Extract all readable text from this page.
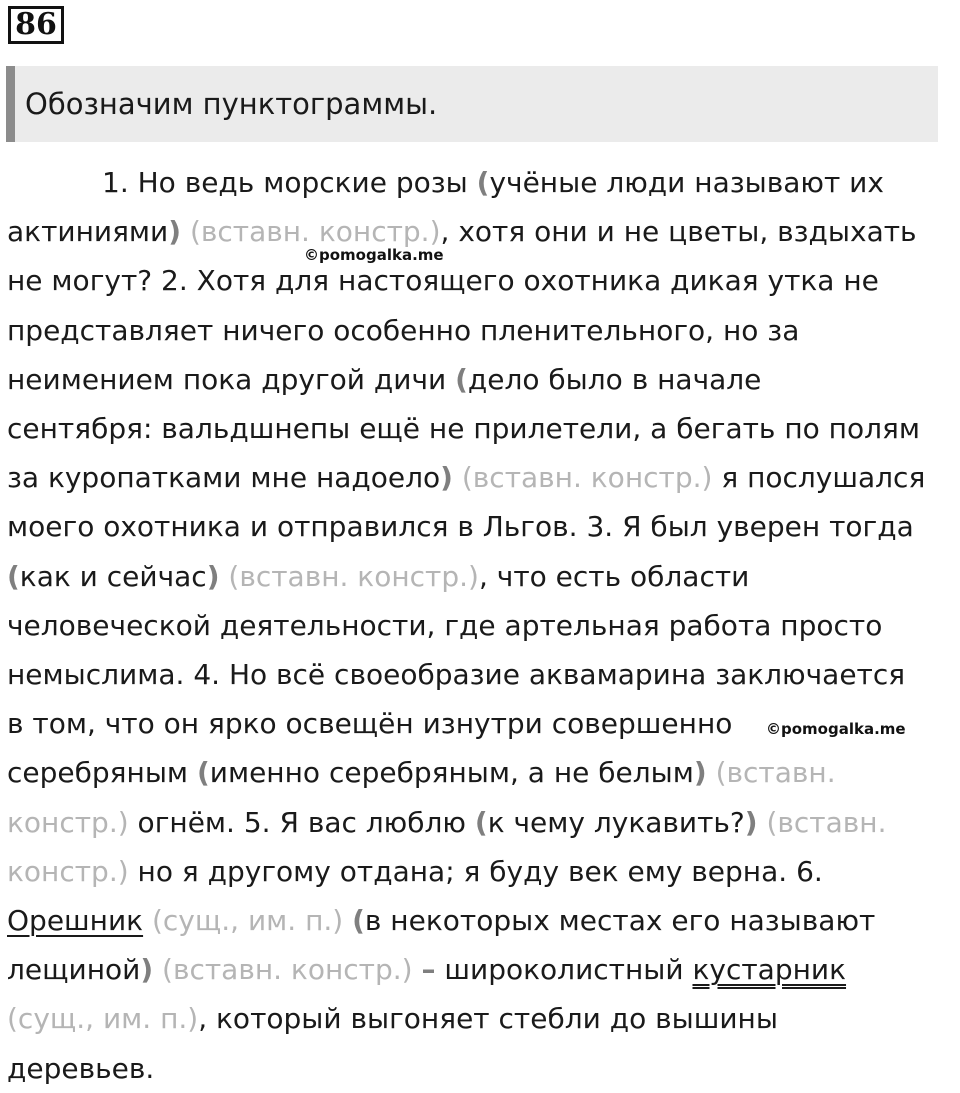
86
Обозначим пунктограммы.
©pomogalka.me
©pomogalka.me
1. Но ведь морские розы (учёные люди называют их
актиниями) (вставн. констр.), хотя они и не цветы, вздыхать
не могут? 2. Хотя для настоящего охотника дикая утка не
представляет ничего особенно пленительного, но за
неимением пока другой дичи (дело было в начале
сентября: вальдшнепы ещё не прилетели, а бегать по полям
за куропатками мне надоело) (вставн. констр.) я послушался
моего охотника и отправился в Льгов. 3. Я был уверен тогда
(как и сейчас) (вставн. констр.), что есть области
человеческой деятельности, где артельная работа просто
немыслима. 4. Но всё своеобразие аквамарина заключается
в том, что он ярко освещён изнутри совершенно
серебряным (именно серебряным, а не белым) (вставн.
констр.) огнём. 5. Я вас люблю (к чему лукавить?) (вставн.
констр.) но я другому отдана; я буду век ему верна. 6.
Орешник (сущ., им. п.) (в некоторых местах его называют
лещиной) (вставн. констр.) – широколистный кустарник
(сущ., им. п.), который выгоняет стебли до вышины
деревьев.
